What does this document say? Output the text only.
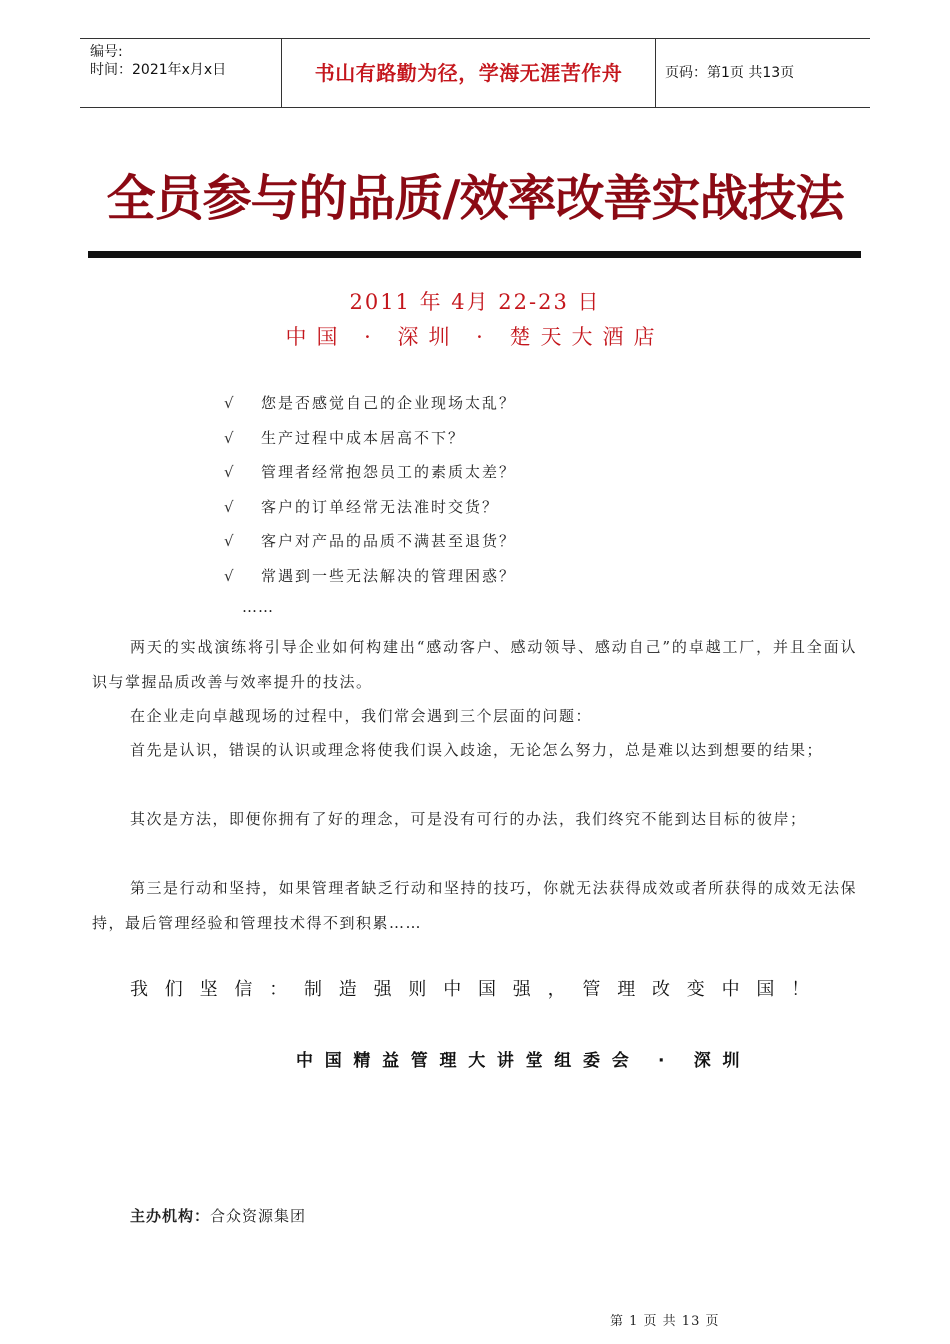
编号:
时间：2021年x月x日	书山有路勤为径，学海无涯苦作舟	页码：第1页 共13页
全员参与的品质/效率改善实战技法
2011 年 4月 22-23 日
中国 · 深圳 · 楚天大酒店
√ 您是否感觉自己的企业现场太乱？
√ 生产过程中成本居高不下？
√ 管理者经常抱怨员工的素质太差？
√ 客户的订单经常无法准时交货？
√ 客户对产品的品质不满甚至退货？
√ 常遇到一些无法解决的管理困惑？
……

两天的实战演练将引导企业如何构建出“感动客户、感动领导、感动自己”的卓越工厂，并且全面认识与掌握品质改善与效率提升的技法。

在企业走向卓越现场的过程中，我们常会遇到三个层面的问题：

首先是认识，错误的认识或理念将使我们误入歧途，无论怎么努力，总是难以达到想要的结果；

其次是方法，即便你拥有了好的理念，可是没有可行的办法，我们终究不能到达目标的彼岸；

第三是行动和坚持，如果管理者缺乏行动和坚持的技巧，你就无法获得成效或者所获得的成效无法保持，最后管理经验和管理技术得不到积累……

我们坚信：制造强则中国强，管理改变中国！
中国精益管理大讲堂组委会 · 深圳
主办机构：合众资源集团
第 1 页 共 13 页
